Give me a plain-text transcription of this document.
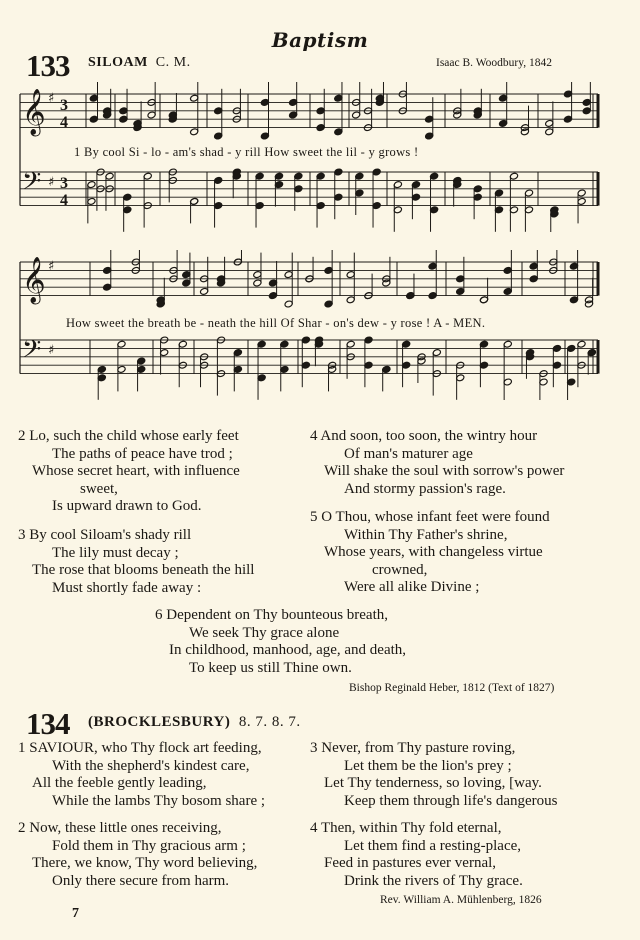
Baptism
133 SILOAM C. M.	Isaac B. Woodbury, 1842
𝄞 ♯ 3
4
𝄢 ♯ 3
4
1 By cool Si - lo - am's shad - y rill How sweet the lil - y grows !
𝄞 ♯
𝄢 ♯
How sweet the breath be - neath the hill Of Shar - on's dew - y rose ! A - MEN.
2 Lo, such the child whose early feet
The paths of peace have trod ;
Whose secret heart, with influence
sweet,
Is upward drawn to God.
3 By cool Siloam's shady rill
The lily must decay ;
The rose that blooms beneath the hill
Must shortly fade away :
4 And soon, too soon, the wintry hour
Of man's maturer age
Will shake the soul with sorrow's power
And stormy passion's rage.
5 O Thou, whose infant feet were found
Within Thy Father's shrine,
Whose years, with changeless virtue
crowned,
Were all alike Divine ;
6 Dependent on Thy bounteous breath,
We seek Thy grace alone
In childhood, manhood, age, and death,
To keep us still Thine own.
Bishop Reginald Heber, 1812 (Text of 1827)
134 (BROCKLESBURY) 8. 7. 8. 7.
1 SAVIOUR, who Thy flock art feeding,
With the shepherd's kindest care,
All the feeble gently leading,
While the lambs Thy bosom share ;
2 Now, these little ones receiving,
Fold them in Thy gracious arm ;
There, we know, Thy word believing,
Only there secure from harm.
3 Never, from Thy pasture roving,
Let them be the lion's prey ;
Let Thy tenderness, so loving, [way.
Keep them through life's dangerous
4 Then, within Thy fold eternal,
Let them find a resting-place,
Feed in pastures ever vernal,
Drink the rivers of Thy grace.
Rev. William A. Mühlenberg, 1826
7
